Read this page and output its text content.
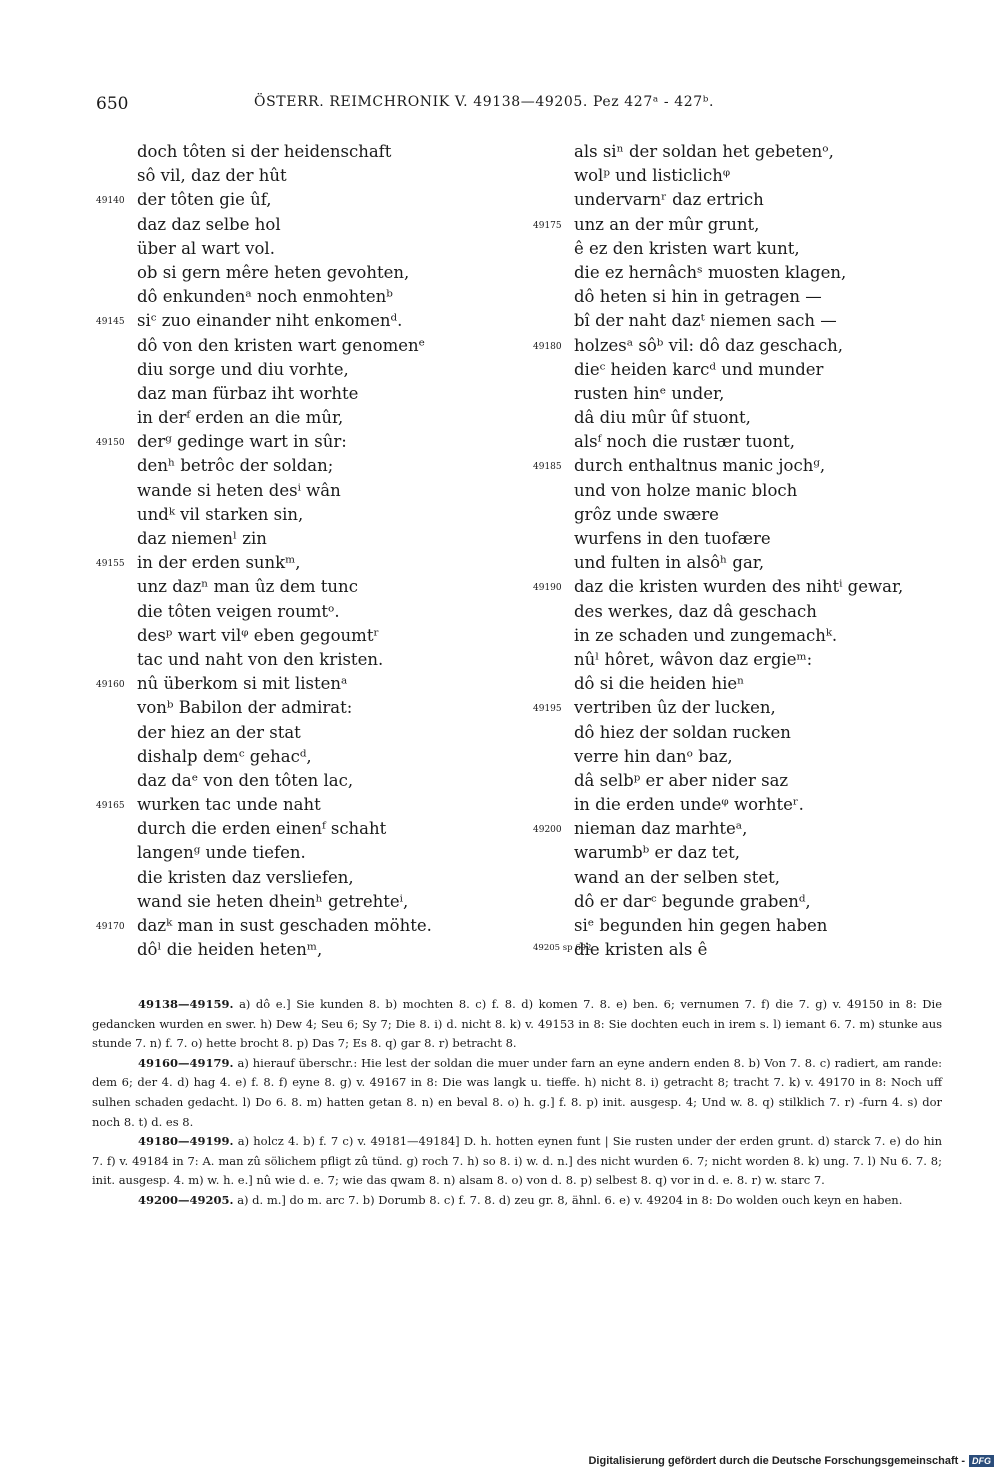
650	ÖSTERR. REIMCHRONIK V. 49138—49205. Pez 427ᵃ - 427ᵇ.
doch tôten si der heidenschaft
sô vil, daz der hût
49140 der tôten gie ûf,
daz daz selbe hol
über al wart vol.
ob si gern mêre heten gevohten,
dô enkundenᵃ noch enmohtenᵇ
49145 siᶜ zuo einander niht enkomenᵈ.
dô von den kristen wart genomenᵉ
diu sorge und diu vorhte,
daz man fürbaz iht worhte
in derᶠ erden an die mûr,
49150 derᵍ gedinge wart in sûr:
denʰ betrôc der soldan;
wande si heten desⁱ wân
undᵏ vil starken sin,
daz niemenˡ zin
49155 in der erden sunkᵐ,
unz dazⁿ man ûz dem tunc
die tôten veigen roumtᵒ.
desᵖ wart vilᵠ eben gegoumtʳ
tac und naht von den kristen.
49160 nû überkom si mit listenᵃ
vonᵇ Babilon der admirat:
der hiez an der stat
dishalp demᶜ gehacᵈ,
daz daᵉ von den tôten lac,
49165 wurken tac unde naht
durch die erden einenᶠ schaht
langenᵍ unde tiefen.
die kristen daz versliefen,
wand sie heten dheinʰ getrehteⁱ,
49170 dazᵏ man in sust geschaden möhte.
dôˡ die heiden hetenᵐ,
als siⁿ der soldan het gebetenᵒ,
wolᵖ und listiclichᵠ
undervarnʳ daz ertrich
49175 unz an der mûr grunt,
ê ez den kristen wart kunt,
die ez hernâchˢ muosten klagen,
dô heten si hin in getragen —
bî der naht dazᵗ niemen sach —
49180 holzesᵃ sôᵇ vil: dô daz geschach,
dieᶜ heiden karcᵈ und munder
rusten hinᵉ under,
dâ diu mûr ûf stuont,
alsᶠ noch die rustær tuont,
49185 durch enthaltnus manic jochᵍ,
und von holze manic bloch
grôz unde swære
wurfens in den tuofære
und fulten in alsôʰ gar,
49190 daz die kristen wurden des nihtⁱ gewar,
des werkes, daz dâ geschach
in ze schaden und zungemachᵏ.
nûˡ hôret, wâvon daz ergieᵐ:
dô si die heiden hieⁿ
49195 vertriben ûz der lucken,
dô hiez der soldan rucken
verre hin danᵒ baz,
dâ selbᵖ er aber nider saz
in die erden undeᵠ worhteʳ.
49200 nieman daz marhteᵃ,
warumbᵇ er daz tet,
wand an der selben stet,
dô er darᶜ begunde grabenᵈ,
siᵉ begunden hin gegen haben
49205 sp 692
die kristen als ê

49138—49159. a) dô e.] Sie kunden 8. b) mochten 8. c) f. 8. d) komen 7. 8. e) ben. 6; vernumen 7. f) die 7. g) v. 49150 in 8: Die gedancken wurden en swer. h) Dew 4; Seu 6; Sy 7; Die 8. i) d. nicht 8. k) v. 49153 in 8: Sie dochten euch in irem s. l) iemant 6. 7. m) stunke aus stunde 7. n) f. 7. o) hette brocht 8. p) Das 7; Es 8. q) gar 8. r) betracht 8.

49160—49179. a) hierauf überschr.: Hie lest der soldan die muer under farn an eyne andern enden 8. b) Von 7. 8. c) radiert, am rande: dem 6; der 4. d) hag 4. e) f. 8. f) eyne 8. g) v. 49167 in 8: Die was langk u. tieffe. h) nicht 8. i) getracht 8; tracht 7. k) v. 49170 in 8: Noch uff sulhen schaden gedacht. l) Do 6. 8. m) hatten getan 8. n) en beval 8. o) h. g.] f. 8. p) init. ausgesp. 4; Und w. 8. q) stilklich 7. r) -furn 4. s) dor noch 8. t) d. es 8.

49180—49199. a) holcz 4. b) f. 7 c) v. 49181—49184] D. h. hotten eynen funt | Sie rusten under der erden grunt. d) starck 7. e) do hin 7. f) v. 49184 in 7: A. man zû sölichem pfligt zû tünd. g) roch 7. h) so 8. i) w. d. n.] des nicht wurden 6. 7; nicht worden 8. k) ung. 7. l) Nu 6. 7. 8; init. ausgesp. 4. m) w. h. e.] nû wie d. e. 7; wie das qwam 8. n) alsam 8. o) von d. 8. p) selbest 8. q) vor in d. e. 8. r) w. starc 7.

49200—49205. a) d. m.] do m. arc 7. b) Dorumb 8. c) f. 7. 8. d) zeu gr. 8, ähnl. 6. e) v. 49204 in 8: Do wolden ouch keyn en haben.

Digitalisierung gefördert durch die Deutsche Forschungsgemeinschaft - DFG
